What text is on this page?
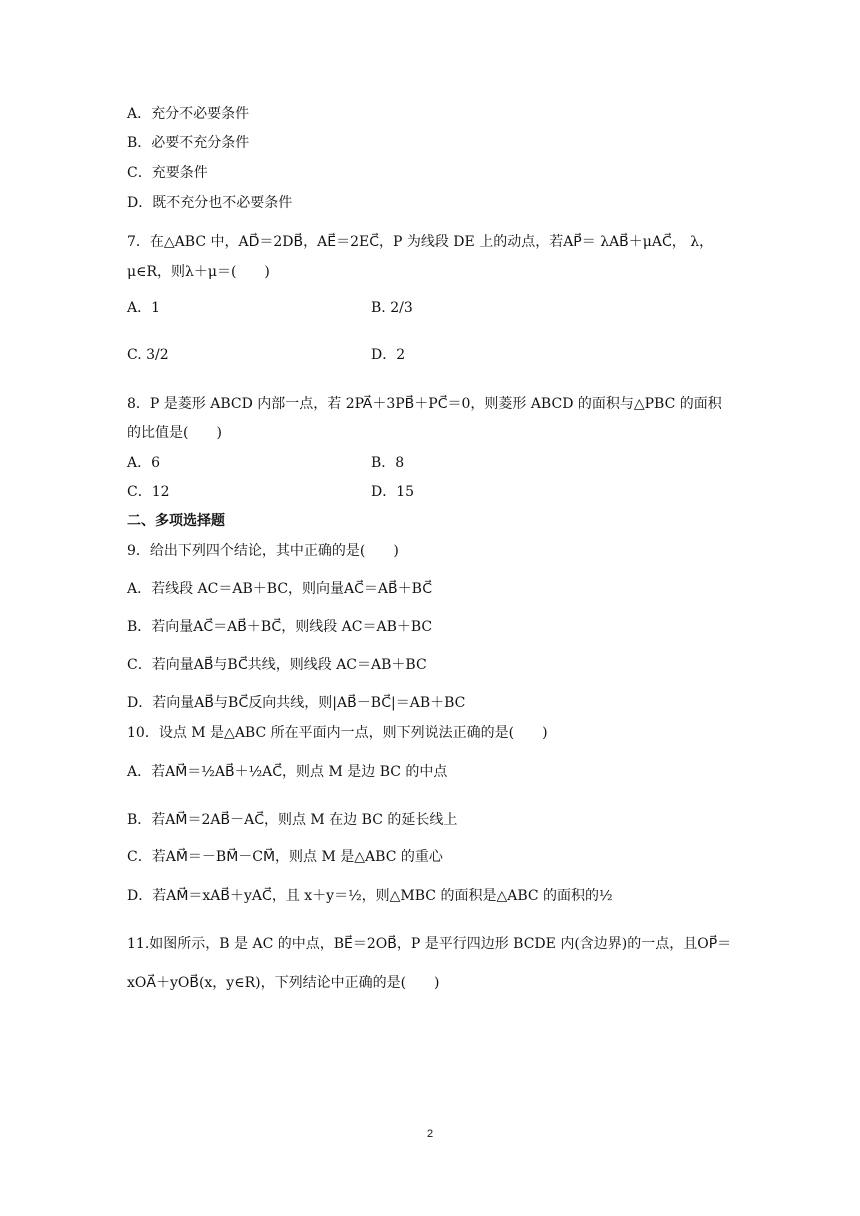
A．充分不必要条件
B．必要不充分条件
C．充要条件
D．既不充分也不必要条件
7．在△ABC 中，AD⃗＝2DB⃗，AE⃗＝2EC⃗，P 为线段 DE 上的动点，若AP⃗＝ λAB⃗＋μAC⃗， λ，
μ∈R，则λ＋μ＝(　　)
A．1	B. 2/3
C. 3/2	D．2
8．P 是菱形 ABCD 内部一点，若 2PA⃗＋3PB⃗＋PC⃗＝0，则菱形 ABCD 的面积与△PBC 的面积
的比值是(　　)
A．6	B．8
C．12	D．15
二、多项选择题
9．给出下列四个结论，其中正确的是(　　)
A．若线段 AC＝AB＋BC，则向量AC⃗＝AB⃗＋BC⃗
B．若向量AC⃗＝AB⃗＋BC⃗，则线段 AC＝AB＋BC
C．若向量AB⃗与BC⃗共线，则线段 AC＝AB＋BC
D．若向量AB⃗与BC⃗反向共线，则|AB⃗－BC⃗|＝AB＋BC
10．设点 M 是△ABC 所在平面内一点，则下列说法正确的是(　　)
A．若AM⃗＝½AB⃗＋½AC⃗，则点 M 是边 BC 的中点
B．若AM⃗＝2AB⃗－AC⃗，则点 M 在边 BC 的延长线上
C．若AM⃗＝－BM⃗－CM⃗，则点 M 是△ABC 的重心
D．若AM⃗＝xAB⃗＋yAC⃗，且 x＋y＝½，则△MBC 的面积是△ABC 的面积的½
11.如图所示，B 是 AC 的中点，BE⃗＝2OB⃗，P 是平行四边形 BCDE 内(含边界)的一点，且OP⃗＝
xOA⃗＋yOB⃗(x，y∈R)，下列结论中正确的是(　　)
2
